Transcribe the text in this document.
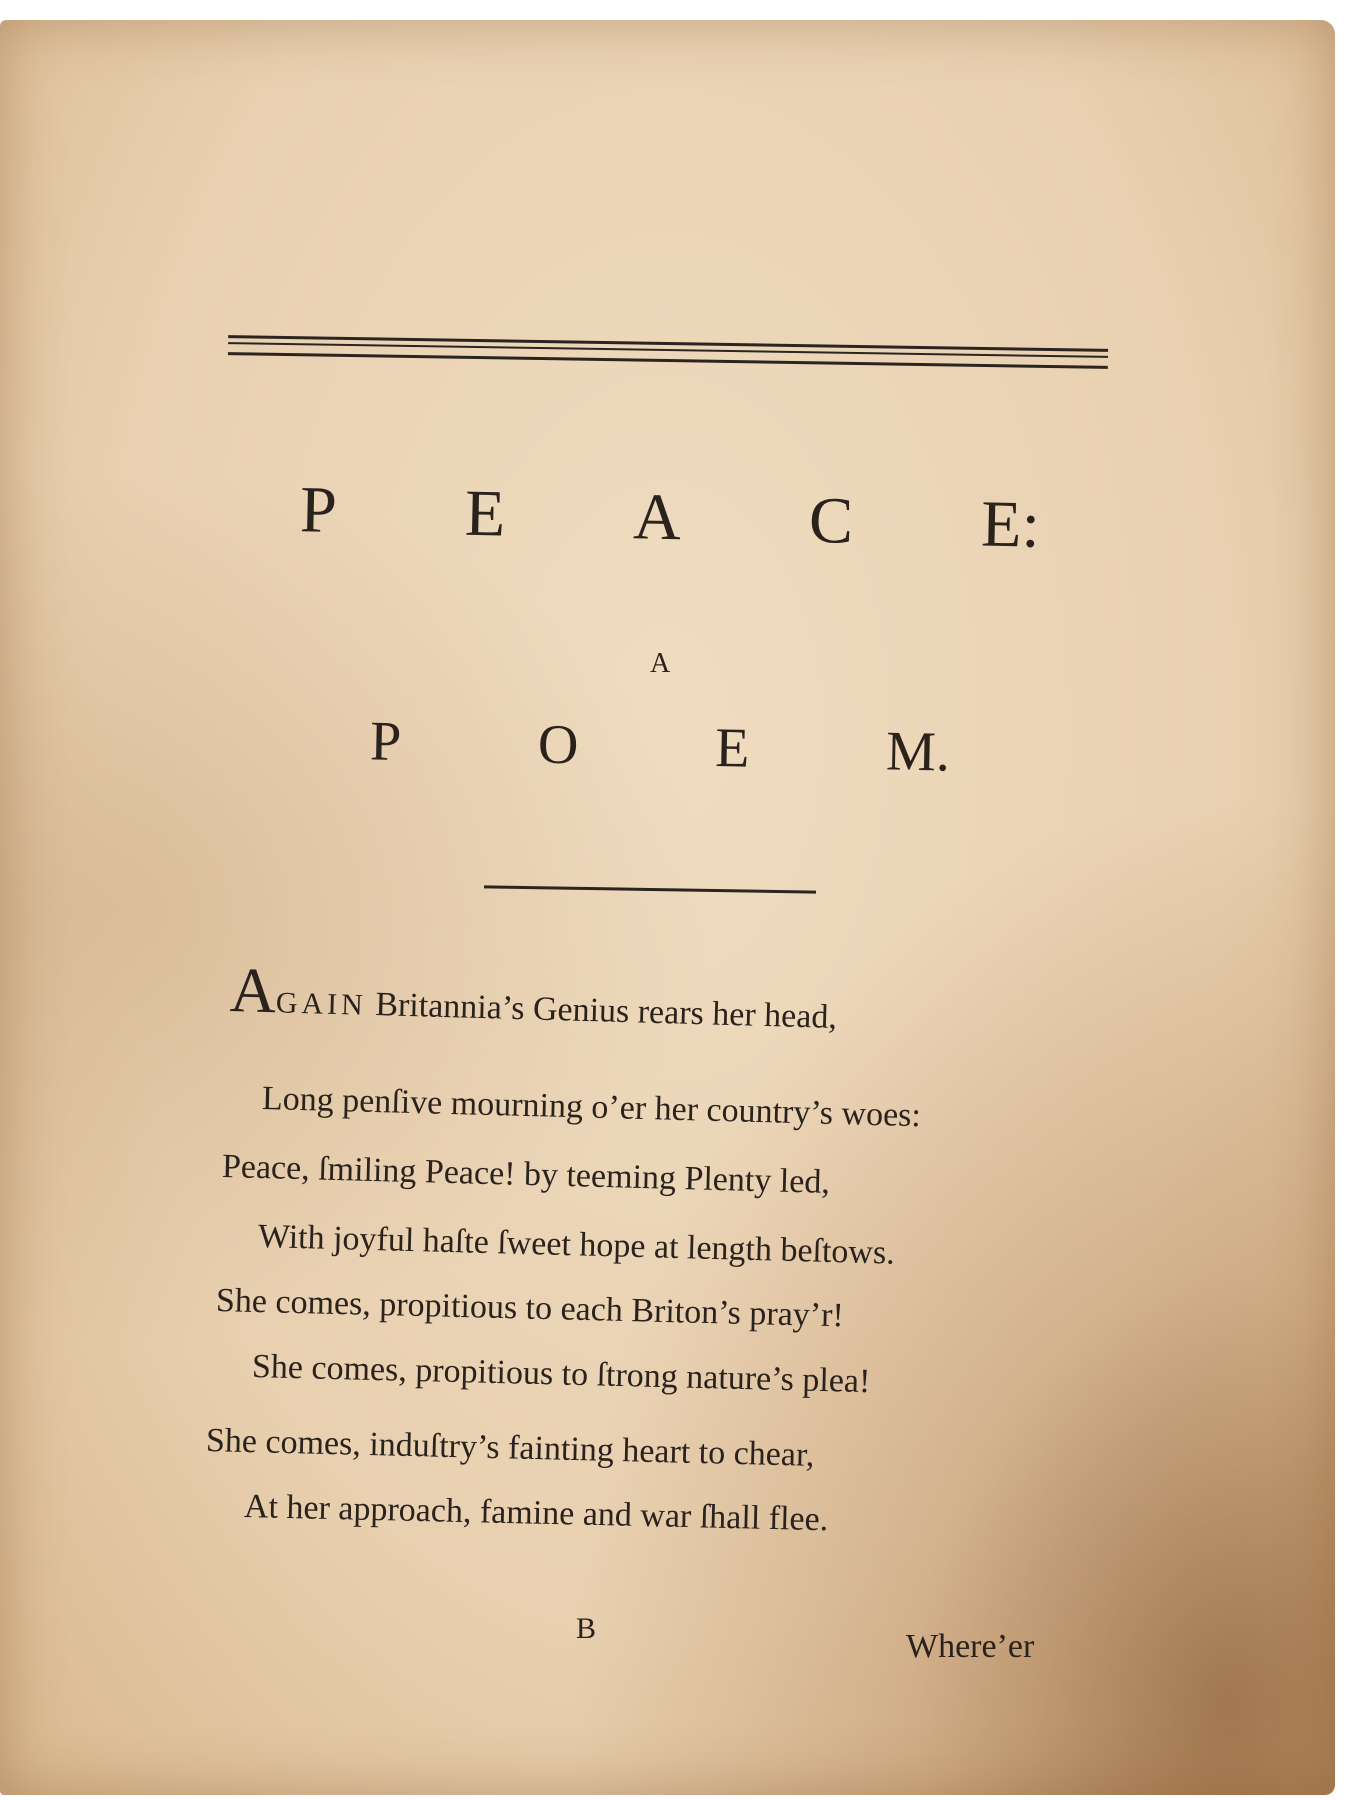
P E A C E:
A
P O E M.
AGAIN Britannia’s Genius rears her head,
Long penſive mourning o’er her country’s woes:
Peace, ſmiling Peace! by teeming Plenty led,
With joyful haſte ſweet hope at length beſtows.
She comes, propitious to each Briton’s pray’r!
She comes, propitious to ſtrong nature’s plea!
She comes, induſtry’s fainting heart to chear,
At her approach, famine and war ſhall flee.
B	Where’er
